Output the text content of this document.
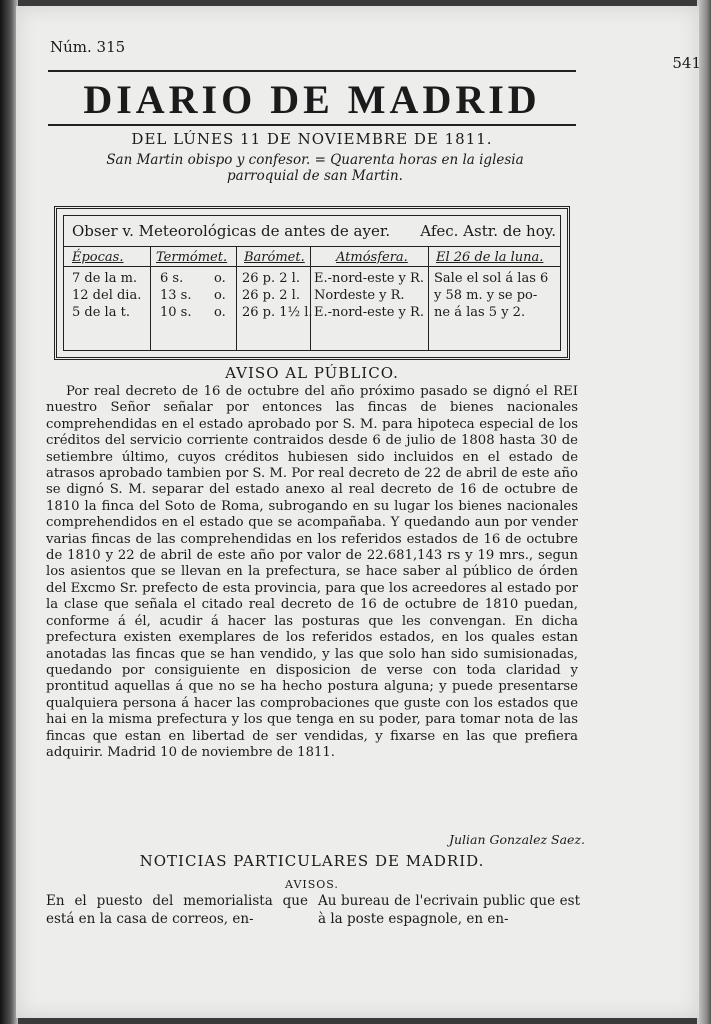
Núm. 315
541
DIARIO DE MADRID
DEL LÚNES 11 DE NOVIEMBRE DE 1811.
San Martin obispo y confesor. = Quarenta horas en la iglesia
parroquial de san Martin.
Obser v. Meteorológicas de antes de ayer. Afec. Astr. de hoy.
Épocas.	Termómet. Barómet. Atmósfera. El 26 de la luna.
7 de la m.
12 del dia.
5 de la t.
6 s.
13 s.
10 s.
o.
o.
o.
26 p. 2 l.
26 p. 2 l.
26 p. 1½ l.
E.-nord-este y R.
Nordeste y R.
E.-nord-este y R.
Sale el sol á las 6
y 58 m. y se po-
ne á las 5 y 2.
AVISO AL PÚBLICO.

Por real decreto de 16 de octubre del año próximo pasado se dignó el REI nuestro Señor señalar por entonces las fincas de bienes nacionales comprehendidas en el estado aprobado por S. M. para hipoteca especial de los créditos del servicio corriente contraidos desde 6 de julio de 1808 hasta 30 de setiembre último, cuyos créditos hubiesen sido incluidos en el estado de atrasos aprobado tambien por S. M. Por real decreto de 22 de abril de este año se dignó S. M. separar del estado anexo al real decreto de 16 de octubre de 1810 la finca del Soto de Roma, subrogando en su lugar los bienes nacionales comprehendidos en el estado que se acompañaba. Y quedando aun por vender varias fincas de las comprehendidas en los referidos estados de 16 de octubre de 1810 y 22 de abril de este año por valor de 22.681,143 rs y 19 mrs., segun los asientos que se llevan en la prefectura, se hace saber al público de órden del Excmo Sr. prefecto de esta provincia, para que los acreedores al estado por la clase que señala el citado real decreto de 16 de octubre de 1810 puedan, conforme á él, acudir á hacer las posturas que les convengan. En dicha prefectura existen exemplares de los referidos estados, en los quales estan anotadas las fincas que se han vendido, y las que solo han sido sumisionadas, quedando por consiguiente en disposicion de verse con toda claridad y prontitud aquellas á que no se ha hecho postura alguna; y puede presentarse qualquiera persona á hacer las comprobaciones que guste con los estados que hai en la misma prefectura y los que tenga en su poder, para tomar nota de las fincas que estan en libertad de ser vendidas, y fixarse en las que prefiera adquirir. Madrid 10 de noviembre de 1811.

Julian Gonzalez Saez.
NOTICIAS PARTICULARES DE MADRID.
AVISOS.
En el puesto del memorialista que está en la casa de correos, en-
Au bureau de l'ecrivain public que est à la poste espagnole, en en-
